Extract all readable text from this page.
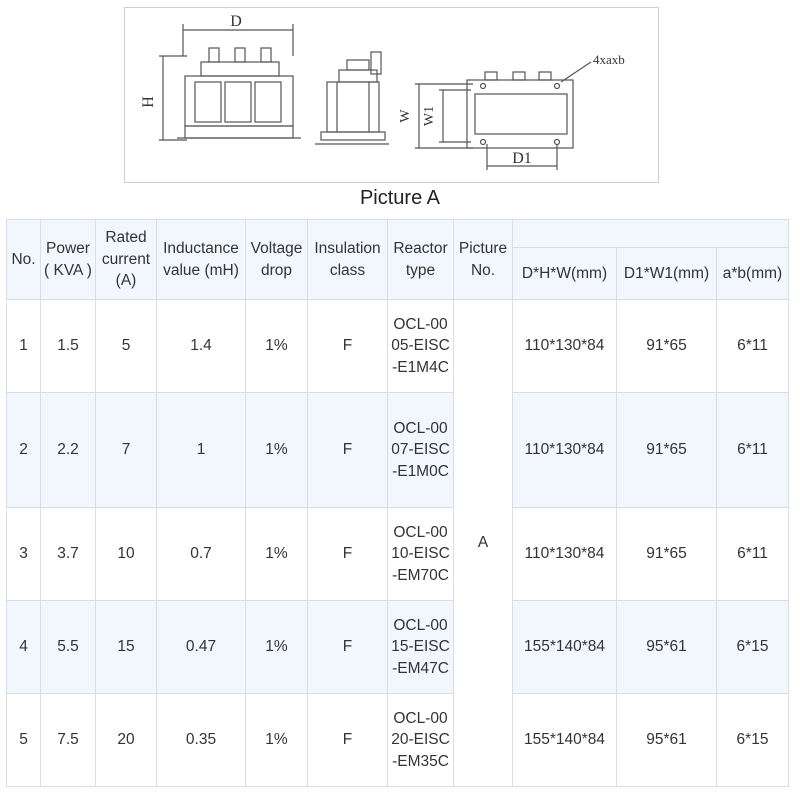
D
H
W W1
D1
4xaxb
Picture A
No.	Power ( KVA )	Rated current (A)	Inductance value (mH)	Voltage drop	Insulation class	Reactor type	Picture No.			
								D*H*W(mm)	D1*W1(mm)	a*b(mm)
1	1.5	5	1.4	1%	F	OCL-0005-EISC-E1M4C	A	110*130*84	91*65	6*11
2	2.2	7	1	1%	F	OCL-0007-EISC-E1M0C		110*130*84	91*65	6*11
3	3.7	10	0.7	1%	F	OCL-0010-EISC-EM70C		110*130*84	91*65	6*11
4	5.5	15	0.47	1%	F	OCL-0015-EISC-EM47C		155*140*84	95*61	6*15
5	7.5	20	0.35	1%	F	OCL-0020-EISC-EM35C		155*140*84	95*61	6*15
